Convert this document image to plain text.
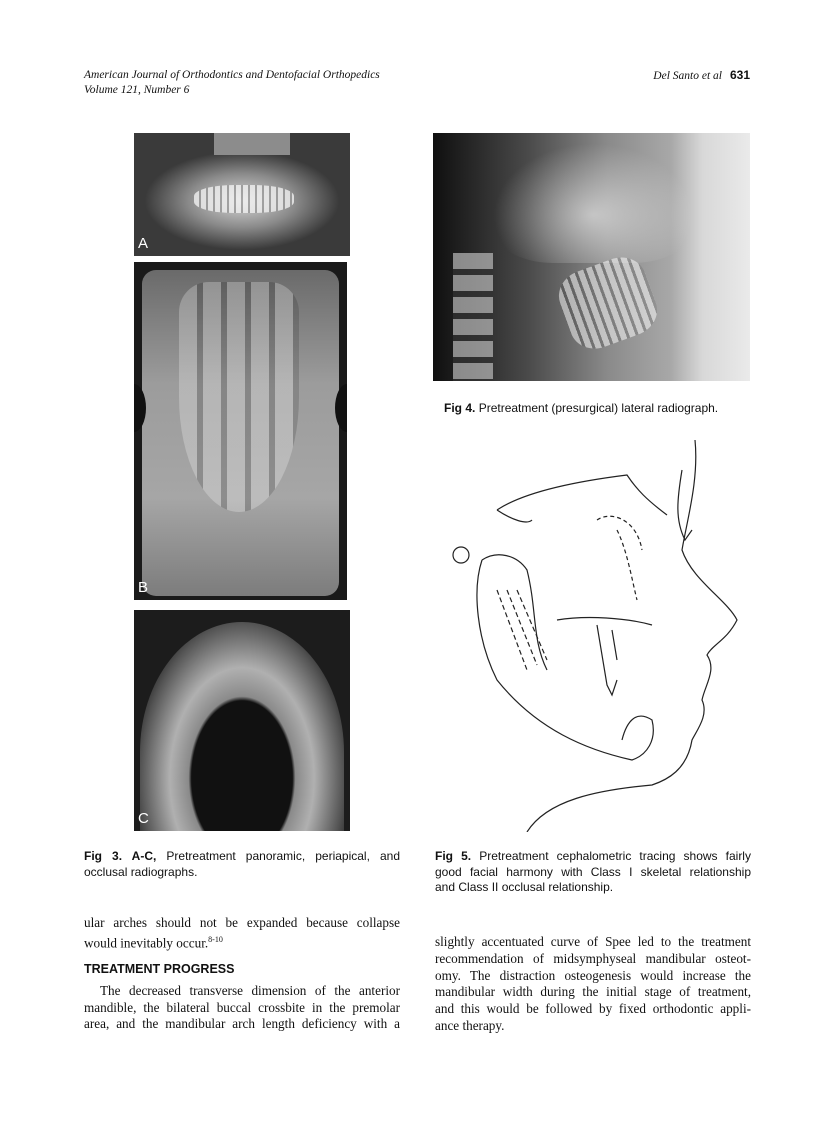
American Journal of Orthodontics and Dentofacial Orthopedics
Volume 121, Number 6
Del Santo et al 631
A
B
C
Fig 4. Pretreatment (presurgical) lateral radiograph.
Fig 3. A-C, Pretreatment panoramic, periapical, and
occlusal radiographs.
Fig 5. Pretreatment cephalometric tracing shows fairly
good facial harmony with Class I skeletal relationship
and Class II occlusal relationship.
ular arches should not be expanded because collapse
would inevitably occur.$^{8-10}$
TREATMENT PROGRESS
The decreased transverse dimension of the anterior
mandible, the bilateral buccal crossbite in the premolar
area, and the mandibular arch length deficiency with a
slightly accentuated curve of Spee led to the treatment
recommendation of midsymphyseal mandibular osteot-
omy. The distraction osteogenesis would increase the
mandibular width during the initial stage of treatment,
and this would be followed by fixed orthodontic appli-
ance therapy.
